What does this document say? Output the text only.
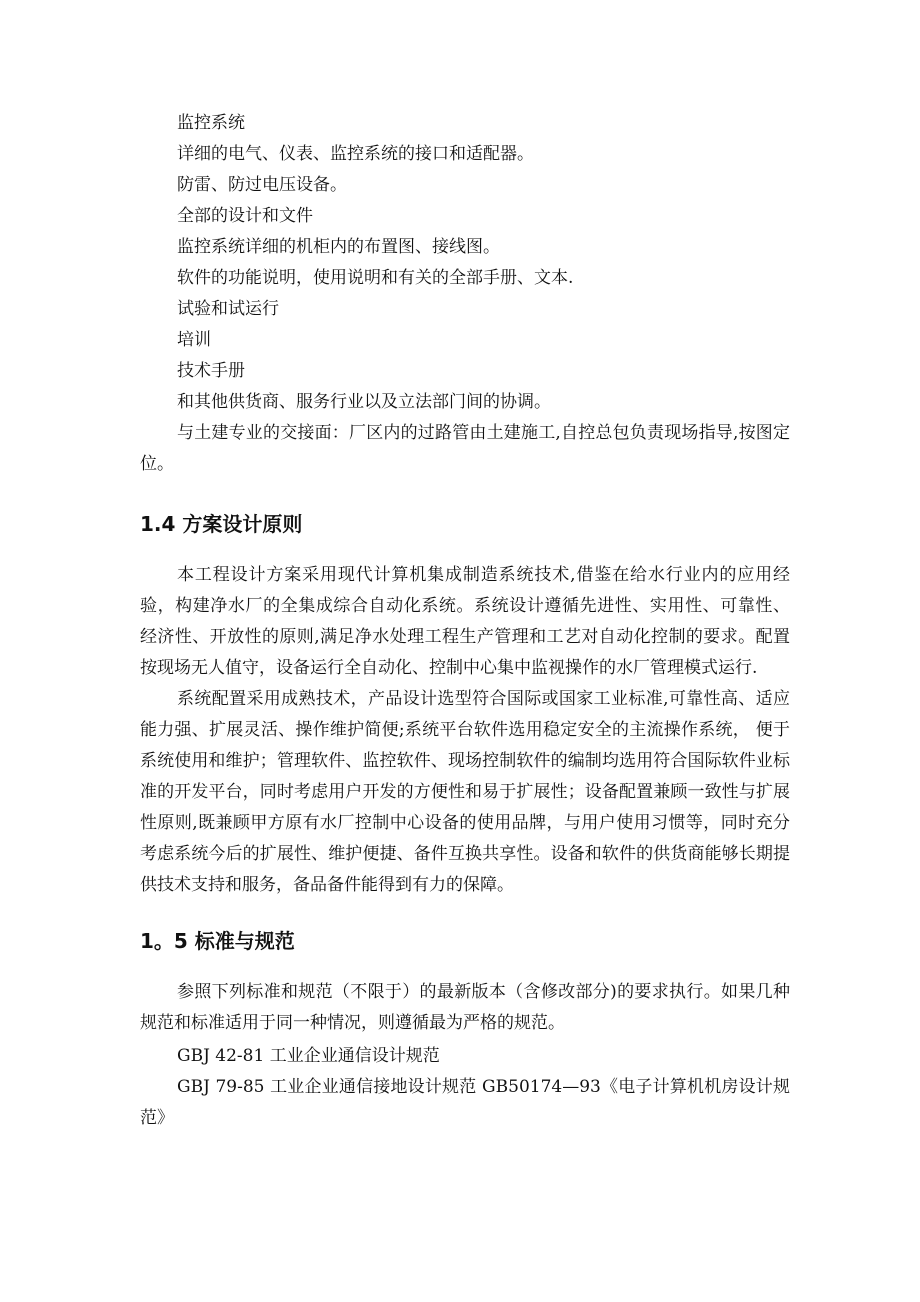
监控系统
详细的电气、仪表、监控系统的接口和适配器。
防雷、防过电压设备。
全部的设计和文件
监控系统详细的机柜内的布置图、接线图。
软件的功能说明，使用说明和有关的全部手册、文本.
试验和试运行
培训
技术手册
和其他供货商、服务行业以及立法部门间的协调。

与土建专业的交接面：厂区内的过路管由土建施工,自控总包负责现场指导,按图定位。

1.4 方案设计原则

本工程设计方案采用现代计算机集成制造系统技术,借鉴在给水行业内的应用经验，构建净水厂的全集成综合自动化系统。系统设计遵循先进性、实用性、可靠性、 经济性、开放性的原则,满足净水处理工程生产管理和工艺对自动化控制的要求。配置按现场无人值守，设备运行全自动化、控制中心集中监视操作的水厂管理模式运行.

系统配置采用成熟技术，产品设计选型符合国际或国家工业标准,可靠性高、适应能力强、扩展灵活、操作维护简便;系统平台软件选用稳定安全的主流操作系统， 便于系统使用和维护；管理软件、监控软件、现场控制软件的编制均选用符合国际软件业标准的开发平台，同时考虑用户开发的方便性和易于扩展性；设备配置兼顾一致性与扩展性原则,既兼顾甲方原有水厂控制中心设备的使用品牌，与用户使用习惯等，同时充分考虑系统今后的扩展性、维护便捷、备件互换共享性。设备和软件的供货商能够长期提供技术支持和服务，备品备件能得到有力的保障。

1。5 标准与规范

参照下列标准和规范（不限于）的最新版本（含修改部分)的要求执行。如果几种规范和标准适用于同一种情况，则遵循最为严格的规范。

GBJ 42-81 工业企业通信设计规范

GBJ 79-85 工业企业通信接地设计规范 GB50174—93《电子计算机机房设计规范》
